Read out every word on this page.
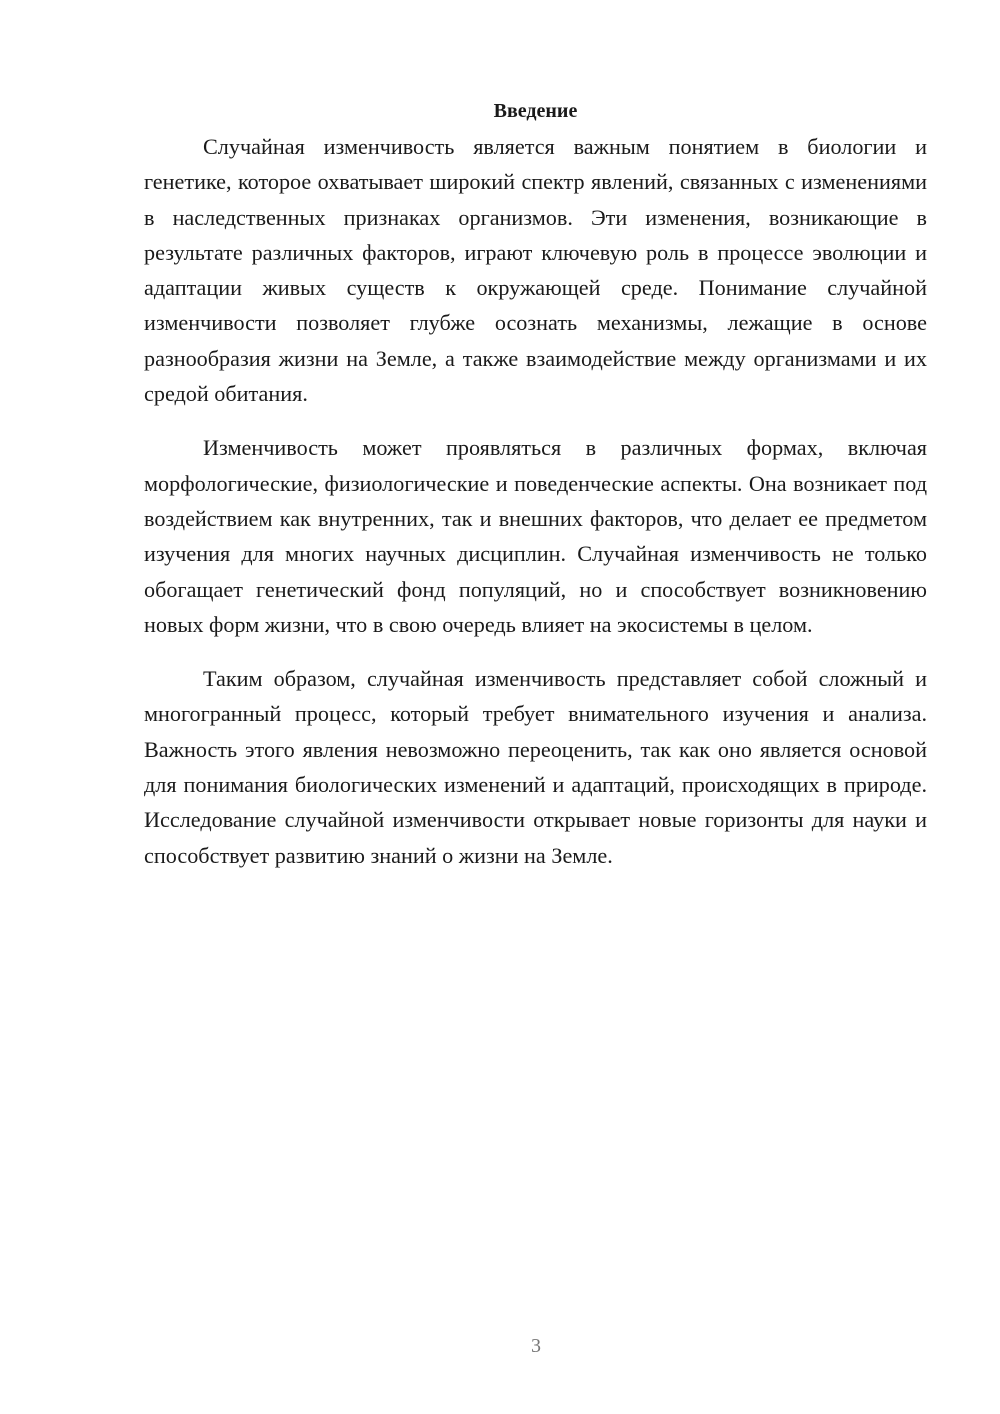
Введение

Случайная изменчивость является важным понятием в биологии и генетике, которое охватывает широкий спектр явлений, связанных с изменениями в наследственных признаках организмов. Эти изменения, возникающие в результате различных факторов, играют ключевую роль в процессе эволюции и адаптации живых существ к окружающей среде. Понимание случайной изменчивости позволяет глубже осознать механизмы, лежащие в основе разнообразия жизни на Земле, а также взаимодействие между организмами и их средой обитания.

Изменчивость может проявляться в различных формах, включая морфологические, физиологические и поведенческие аспекты. Она возникает под воздействием как внутренних, так и внешних факторов, что делает ее предметом изучения для многих научных дисциплин. Случайная изменчивость не только обогащает генетический фонд популяций, но и способствует возникновению новых форм жизни, что в свою очередь влияет на экосистемы в целом.

Таким образом, случайная изменчивость представляет собой сложный и многогранный процесс, который требует внимательного изучения и анализа. Важность этого явления невозможно переоценить, так как оно является основой для понимания биологических изменений и адаптаций, происходящих в природе. Исследование случайной изменчивости открывает новые горизонты для науки и способствует развитию знаний о жизни на Земле.

3
